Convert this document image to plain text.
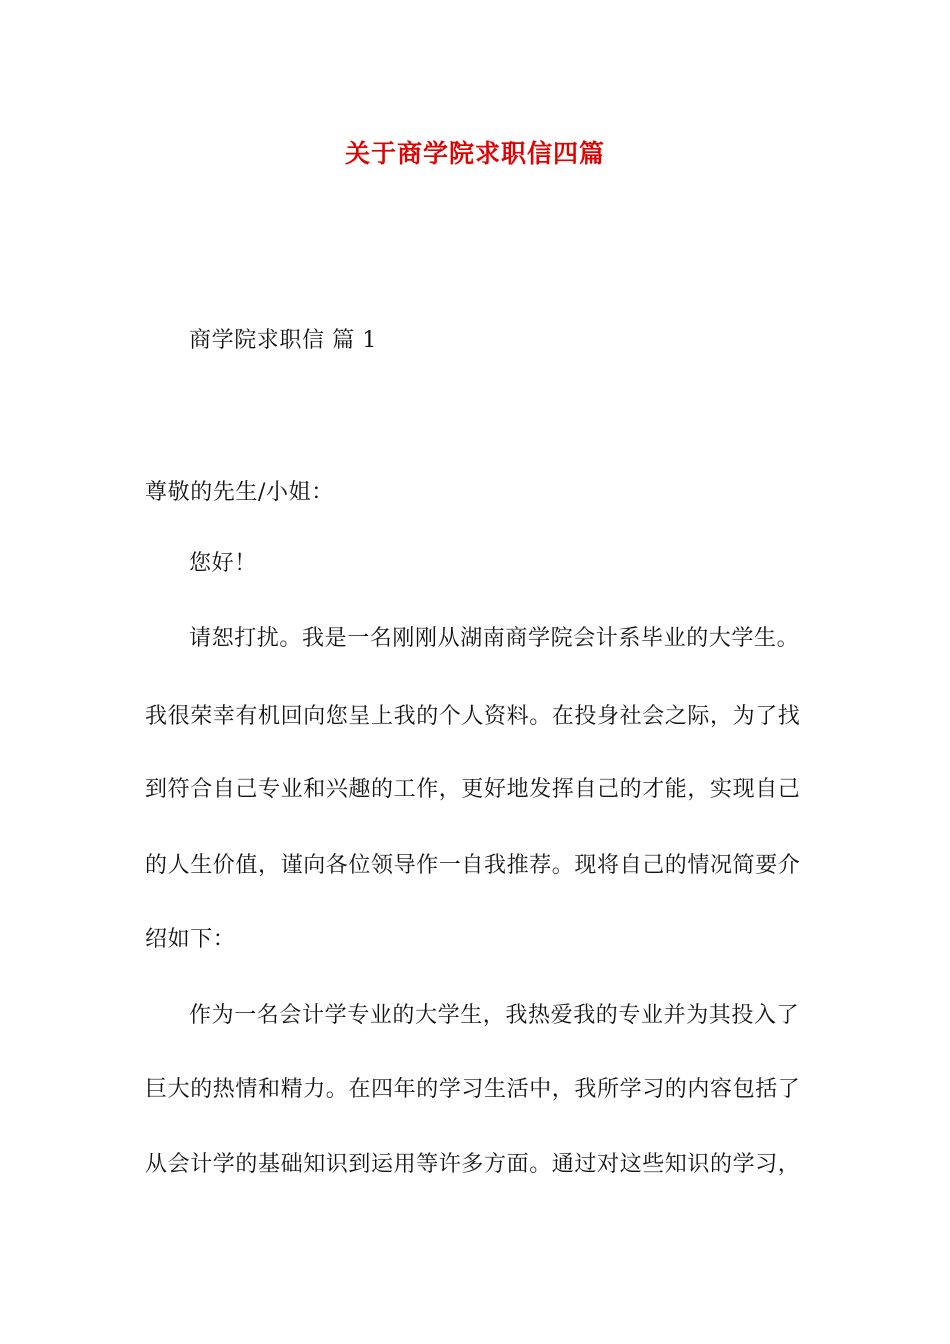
关于商学院求职信四篇
商学院求职信 篇 1
尊敬的先生/小姐：
您好！
请恕打扰。我是一名刚刚从湖南商学院会计系毕业的大学生。
我很荣幸有机回向您呈上我的个人资料。在投身社会之际，为了找
到符合自己专业和兴趣的工作，更好地发挥自己的才能，实现自己
的人生价值，谨向各位领导作一自我推荐。现将自己的情况简要介
绍如下：
作为一名会计学专业的大学生，我热爱我的专业并为其投入了
巨大的热情和精力。在四年的学习生活中，我所学习的内容包括了
从会计学的基础知识到运用等许多方面。通过对这些知识的学习，
